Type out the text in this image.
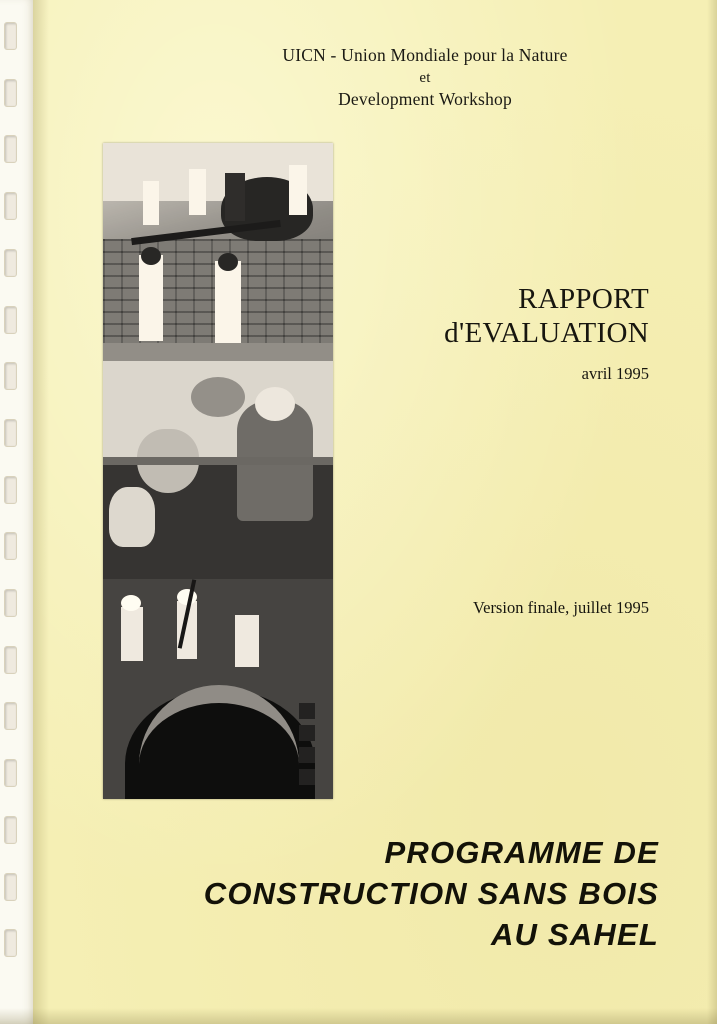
UICN - Union Mondiale pour la Nature
et
Development Workshop
RAPPORT
d'EVALUATION
avril 1995
Version finale, juillet 1995
PROGRAMME DE
CONSTRUCTION SANS BOIS
AU SAHEL
